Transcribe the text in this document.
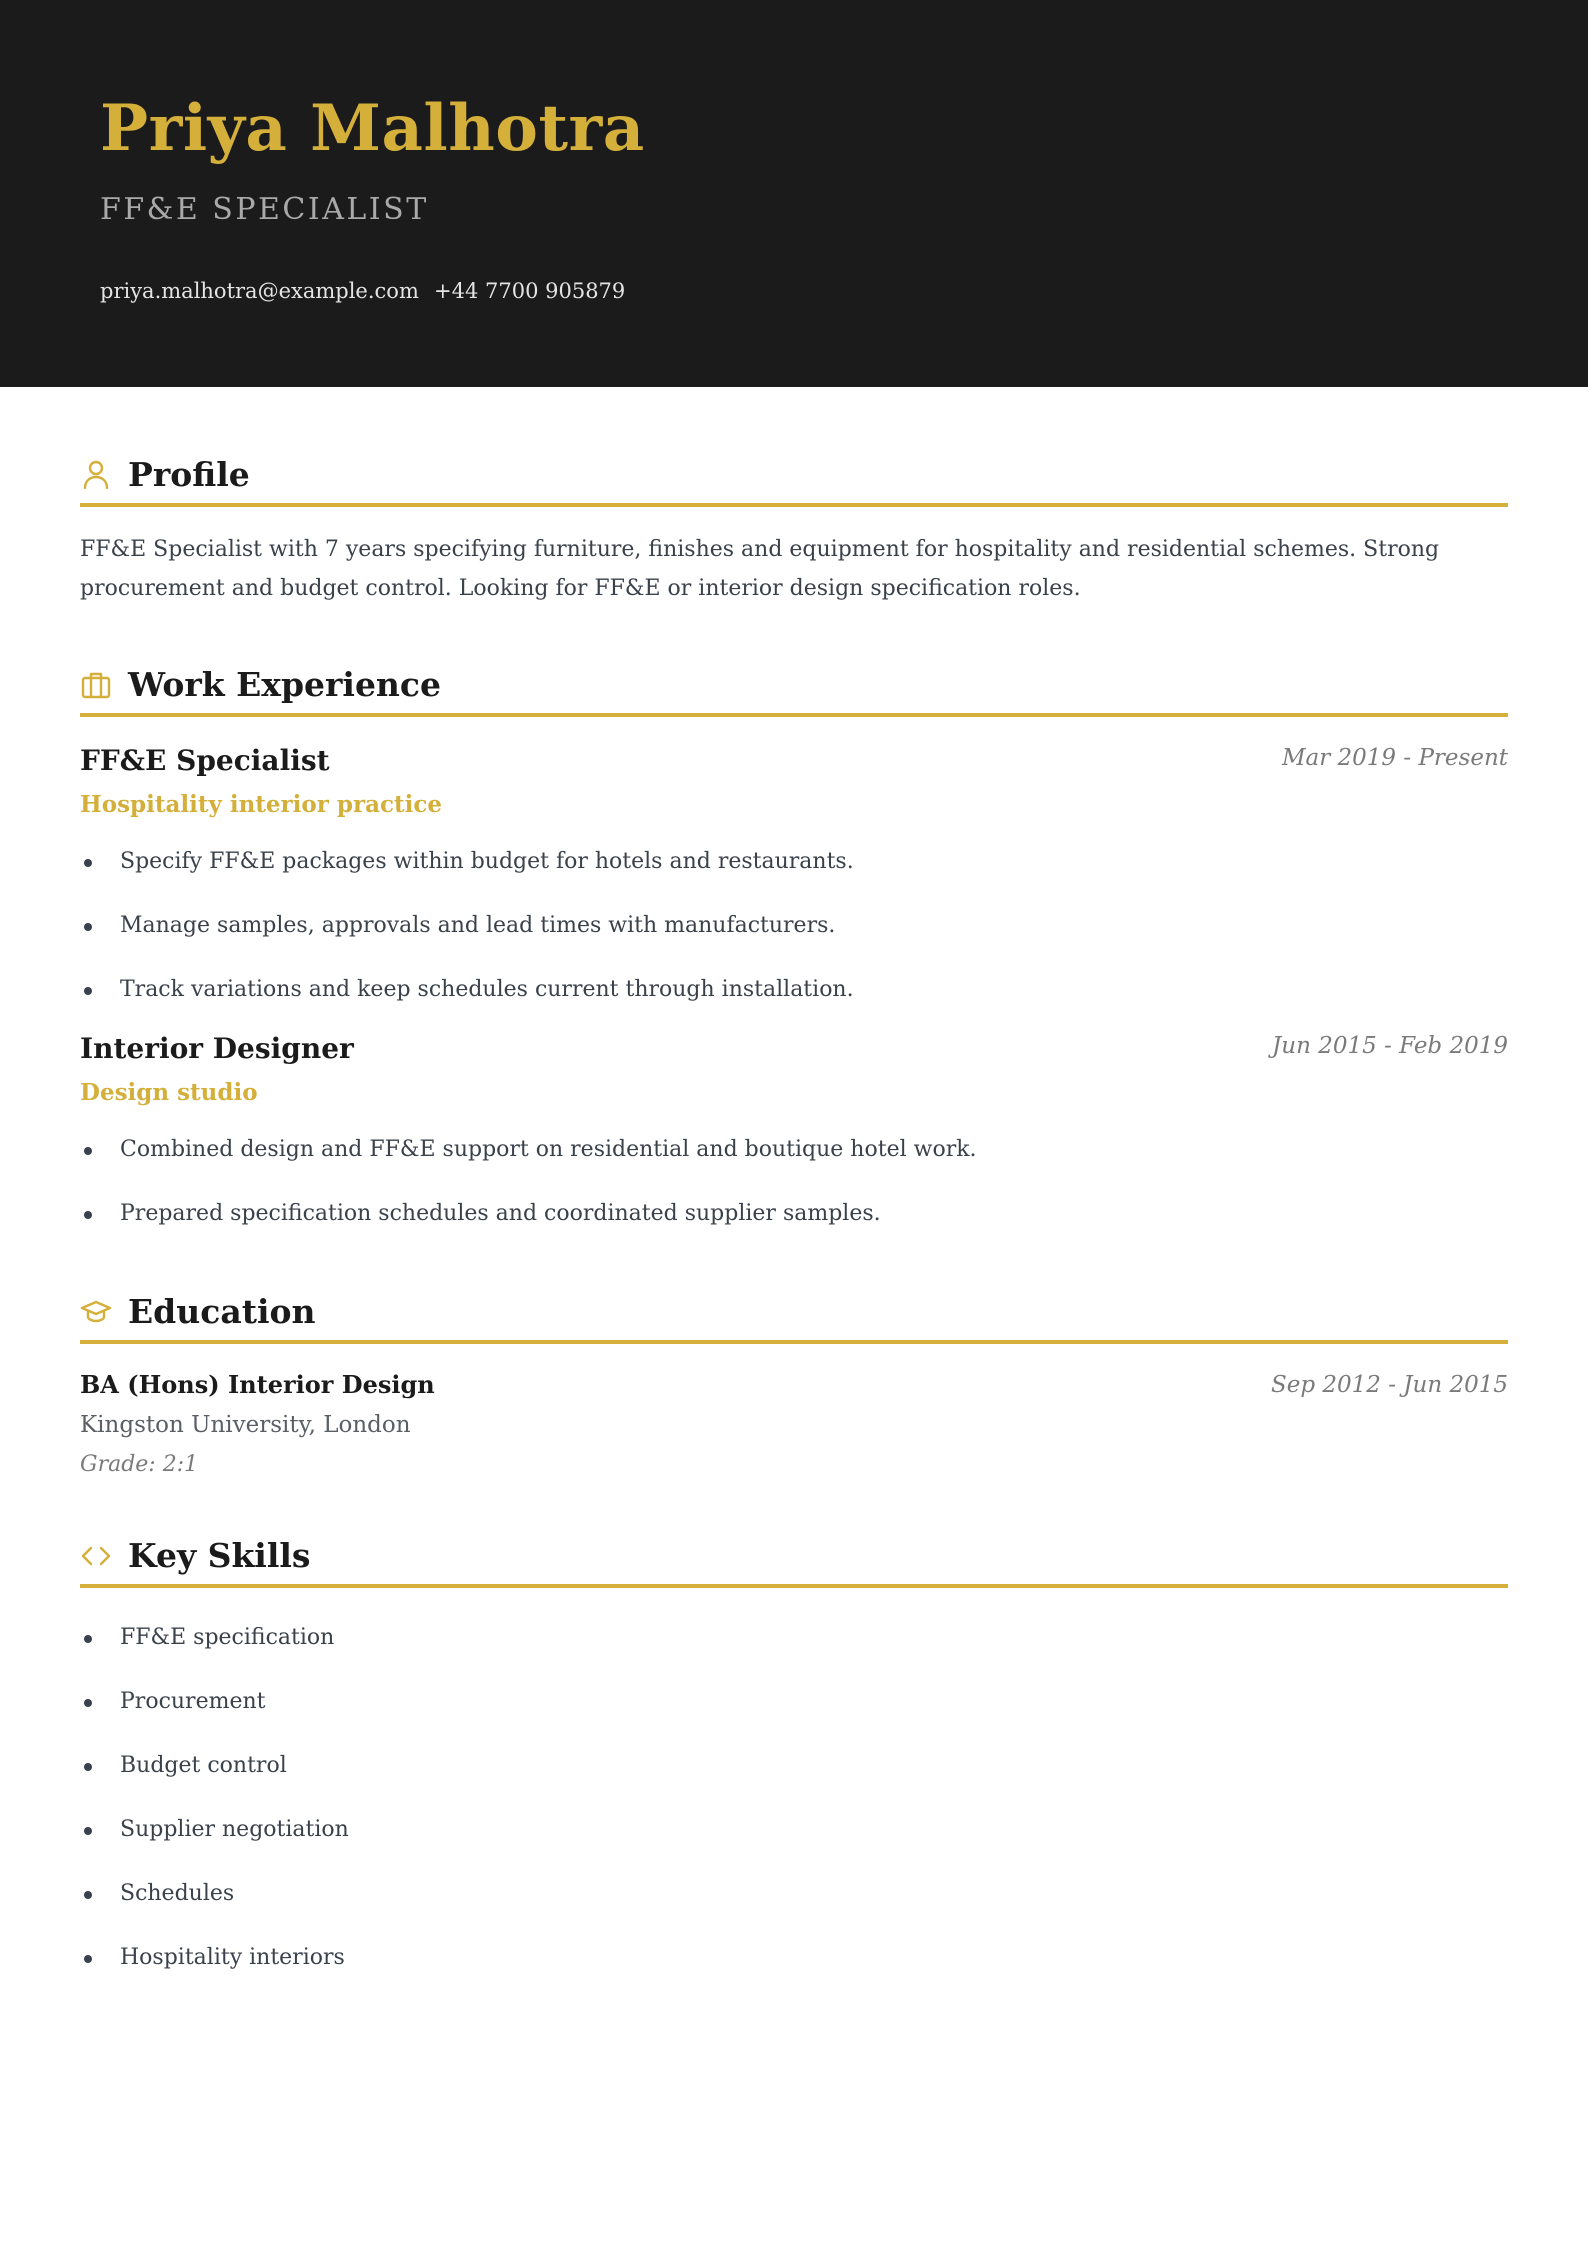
Priya Malhotra
FF&E SPECIALIST
priya.malhotra@example.com +44 7700 905879
Profile
FF&E Specialist with 7 years specifying furniture, finishes and equipment for hospitality and residential schemes. Strong procurement and budget control. Looking for FF&E or interior design specification roles.
Work Experience
FF&E Specialist	Mar 2019 - Present
Hospitality interior practice
Specify FF&E packages within budget for hotels and restaurants.
Manage samples, approvals and lead times with manufacturers.
Track variations and keep schedules current through installation.
Interior Designer	Jun 2015 - Feb 2019
Design studio
Combined design and FF&E support on residential and boutique hotel work.
Prepared specification schedules and coordinated supplier samples.
Education
BA (Hons) Interior Design	Sep 2012 - Jun 2015
Kingston University, London
Grade: 2:1
Key Skills
FF&E specification
Procurement
Budget control
Supplier negotiation
Schedules
Hospitality interiors
